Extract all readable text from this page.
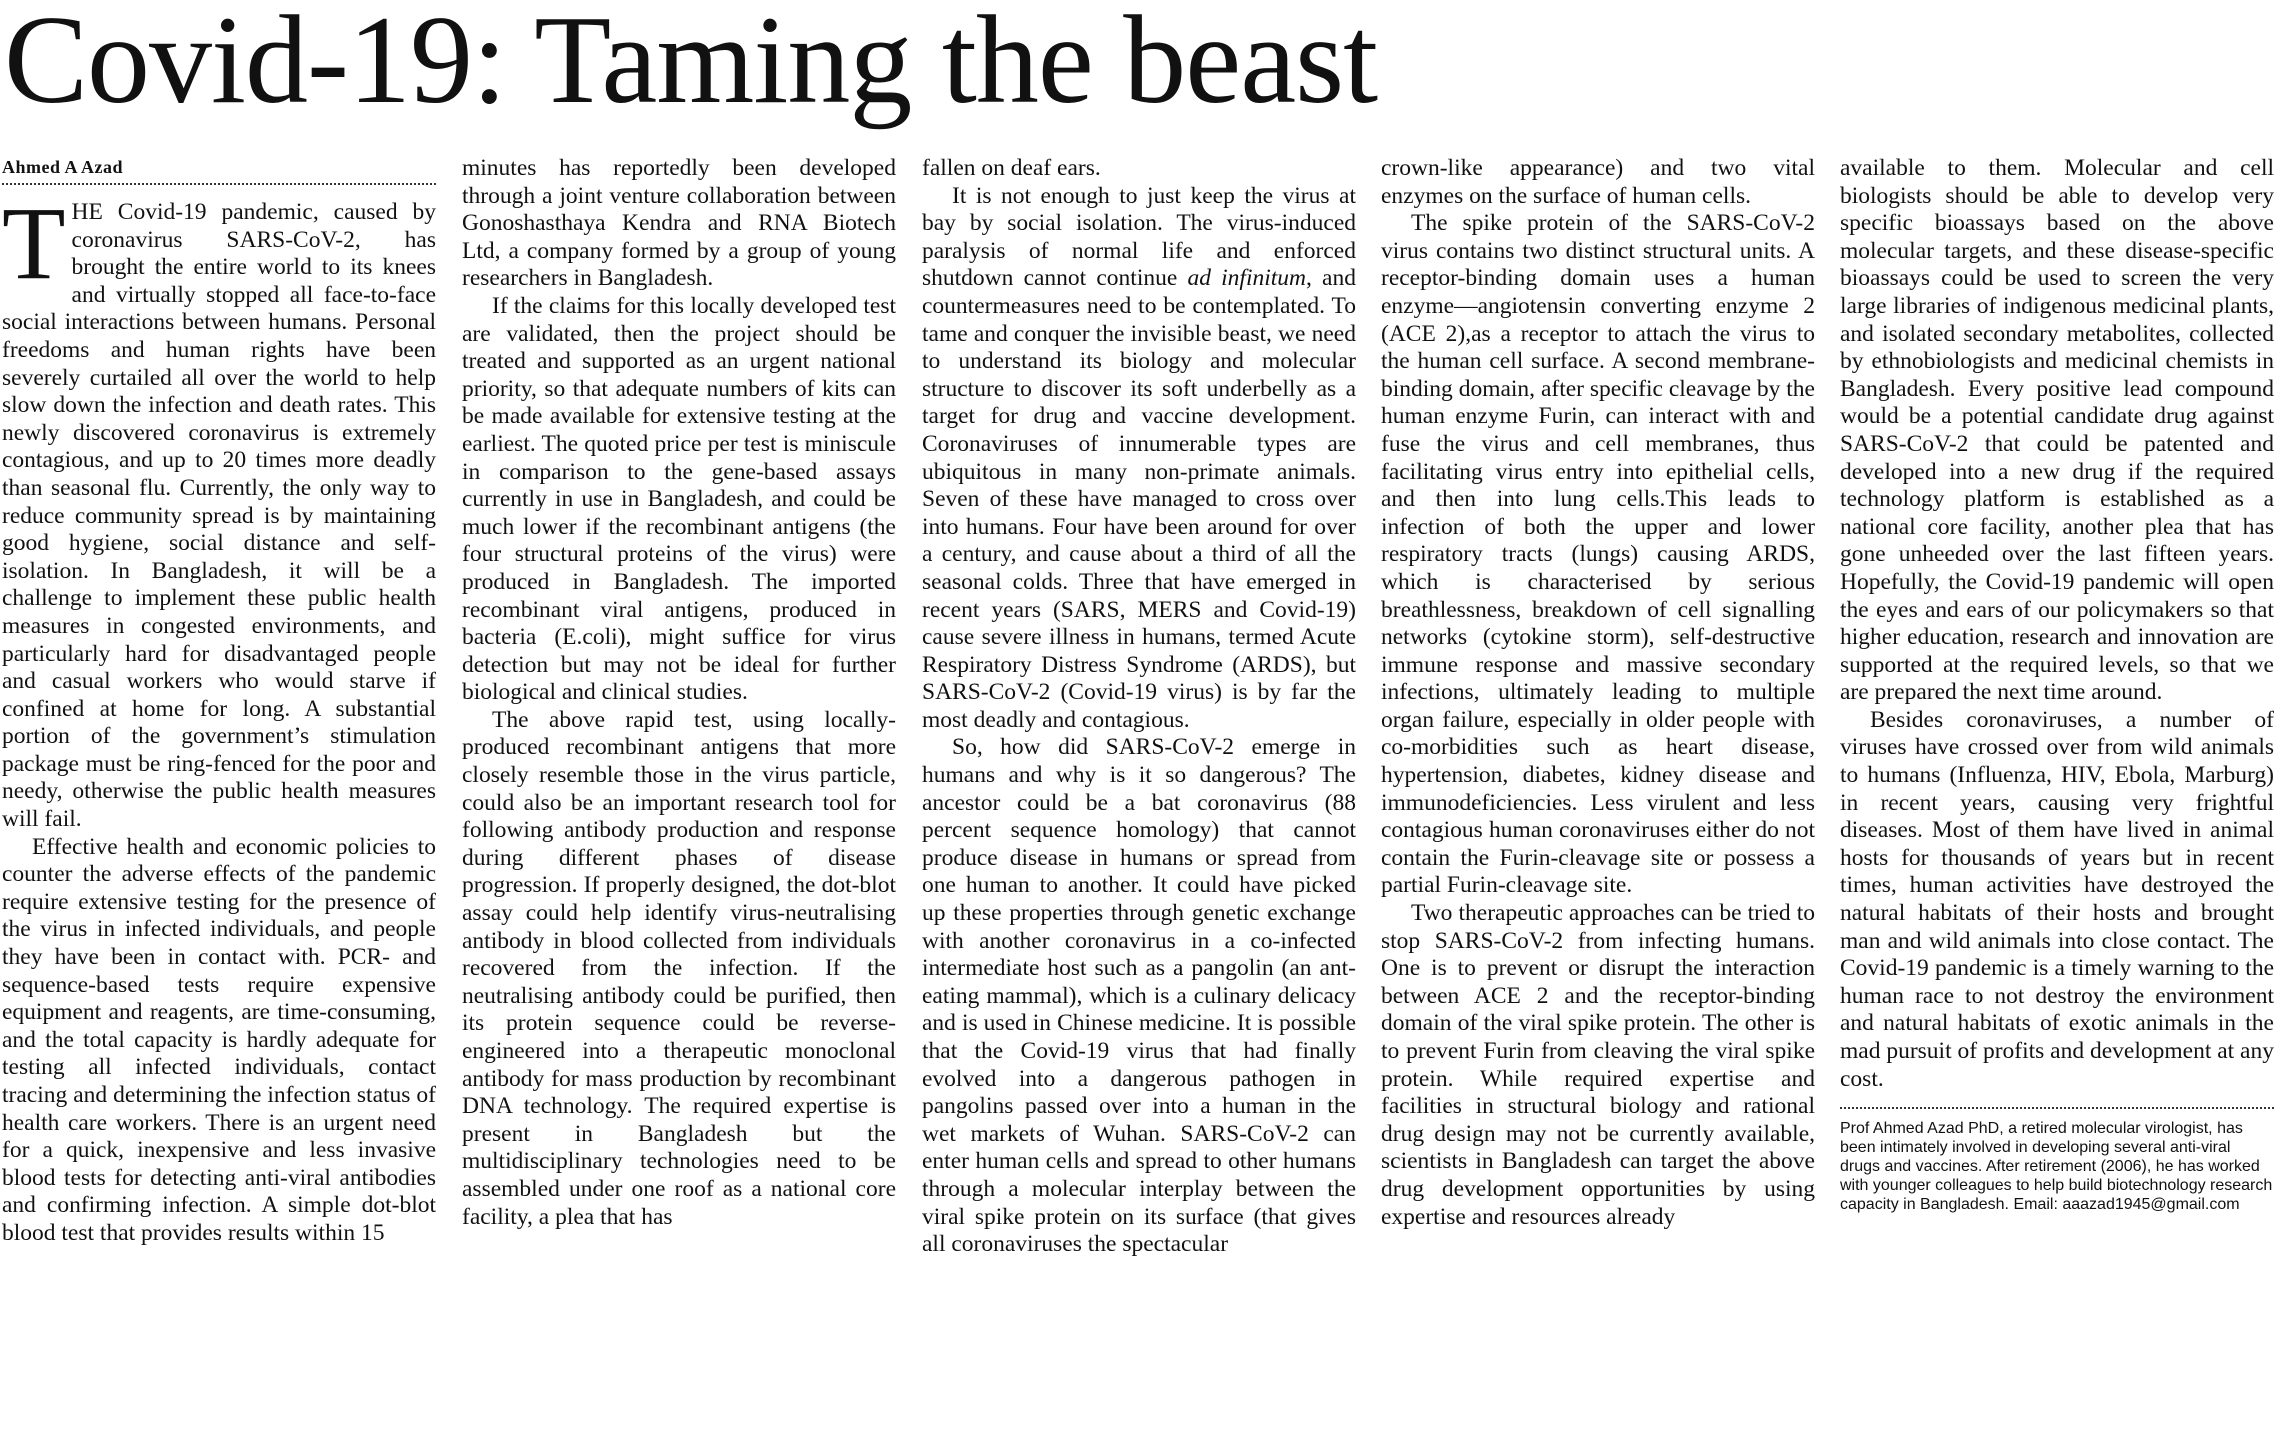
Covid-19: Taming the beast
Ahmed A Azad
T HE Covid-19 pandemic, caused by coronavirus SARS-CoV-2, has brought the entire world to its knees and virtually stopped all face-to-face social interactions between humans. Personal freedoms and human rights have been severely curtailed all over the world to help slow down the infection and death rates. This newly discovered coronavirus is extremely contagious, and up to 20 times more deadly than seasonal flu. Currently, the only way to reduce community spread is by maintaining good hygiene, social distance and self-isolation. In Bangladesh, it will be a challenge to implement these public health measures in congested environments, and particularly hard for disadvantaged people and casual workers who would starve if confined at home for long. A substantial portion of the government’s stimulation package must be ring-fenced for the poor and needy, otherwise the public health measures will fail.

Effective health and economic policies to counter the adverse effects of the pandemic require extensive testing for the presence of the virus in infected individuals, and people they have been in contact with. PCR- and sequence-based tests require expensive equipment and reagents, are time-consuming, and the total capacity is hardly adequate for testing all infected individuals, contact tracing and determining the infection status of health care workers. There is an urgent need for a quick, inexpensive and less invasive blood tests for detecting anti-viral antibodies and confirming infection. A simple dot-blot blood test that provides results within 15

minutes has reportedly been developed through a joint venture collaboration between Gonoshasthaya Kendra and RNA Biotech Ltd, a company formed by a group of young researchers in Bangladesh.

If the claims for this locally developed test are validated, then the project should be treated and supported as an urgent national priority, so that adequate numbers of kits can be made available for extensive testing at the earliest. The quoted price per test is miniscule in comparison to the gene-based assays currently in use in Bangladesh, and could be much lower if the recombinant antigens (the four structural proteins of the virus) were produced in Bangladesh. The imported recombinant viral antigens, produced in bacteria (E.coli), might suffice for virus detection but may not be ideal for further biological and clinical studies.

The above rapid test, using locally-produced recombinant antigens that more closely resemble those in the virus particle, could also be an important research tool for following antibody production and response during different phases of disease progression. If properly designed, the dot-blot assay could help identify virus-neutralising antibody in blood collected from individuals recovered from the infection. If the neutralising antibody could be purified, then its protein sequence could be reverse-engineered into a therapeutic monoclonal antibody for mass production by recombinant DNA technology. The required expertise is present in Bangladesh but the multidisciplinary technologies need to be assembled under one roof as a national core facility, a plea that has

fallen on deaf ears.

It is not enough to just keep the virus at bay by social isolation. The virus-induced paralysis of normal life and enforced shutdown cannot continue ad infinitum, and countermeasures need to be contemplated. To tame and conquer the invisible beast, we need to understand its biology and molecular structure to discover its soft underbelly as a target for drug and vaccine development. Coronaviruses of innumerable types are ubiquitous in many non-primate animals. Seven of these have managed to cross over into humans. Four have been around for over a century, and cause about a third of all the seasonal colds. Three that have emerged in recent years (SARS, MERS and Covid-19) cause severe illness in humans, termed Acute Respiratory Distress Syndrome (ARDS), but SARS-CoV-2 (Covid-19 virus) is by far the most deadly and contagious.

So, how did SARS-CoV-2 emerge in humans and why is it so dangerous? The ancestor could be a bat coronavirus (88 percent sequence homology) that cannot produce disease in humans or spread from one human to another. It could have picked up these properties through genetic exchange with another coronavirus in a co-infected intermediate host such as a pangolin (an ant-eating mammal), which is a culinary delicacy and is used in Chinese medicine. It is possible that the Covid-19 virus that had finally evolved into a dangerous pathogen in pangolins passed over into a human in the wet markets of Wuhan. SARS-CoV-2 can enter human cells and spread to other humans through a molecular interplay between the viral spike protein on its surface (that gives all coronaviruses the spectacular

crown-like appearance) and two vital enzymes on the surface of human cells.

The spike protein of the SARS-CoV-2 virus contains two distinct structural units. A receptor-binding domain uses a human enzyme—angiotensin converting enzyme 2 (ACE 2),as a receptor to attach the virus to the human cell surface. A second membrane-binding domain, after specific cleavage by the human enzyme Furin, can interact with and fuse the virus and cell membranes, thus facilitating virus entry into epithelial cells, and then into lung cells.This leads to infection of both the upper and lower respiratory tracts (lungs) causing ARDS, which is characterised by serious breathlessness, breakdown of cell signalling networks (cytokine storm), self-destructive immune response and massive secondary infections, ultimately leading to multiple organ failure, especially in older people with co-morbidities such as heart disease, hypertension, diabetes, kidney disease and immunodeficiencies. Less virulent and less contagious human coronaviruses either do not contain the Furin-cleavage site or possess a partial Furin-cleavage site.

Two therapeutic approaches can be tried to stop SARS-CoV-2 from infecting humans. One is to prevent or disrupt the interaction between ACE 2 and the receptor-binding domain of the viral spike protein. The other is to prevent Furin from cleaving the viral spike protein. While required expertise and facilities in structural biology and rational drug design may not be currently available, scientists in Bangladesh can target the above drug development opportunities by using expertise and resources already

available to them. Molecular and cell biologists should be able to develop very specific bioassays based on the above molecular targets, and these disease-specific bioassays could be used to screen the very large libraries of indigenous medicinal plants, and isolated secondary metabolites, collected by ethnobiologists and medicinal chemists in Bangladesh. Every positive lead compound would be a potential candidate drug against SARS-CoV-2 that could be patented and developed into a new drug if the required technology platform is established as a national core facility, another plea that has gone unheeded over the last fifteen years. Hopefully, the Covid-19 pandemic will open the eyes and ears of our policymakers so that higher education, research and innovation are supported at the required levels, so that we are prepared the next time around.

Besides coronaviruses, a number of viruses have crossed over from wild animals to humans (Influenza, HIV, Ebola, Marburg) in recent years, causing very frightful diseases. Most of them have lived in animal hosts for thousands of years but in recent times, human activities have destroyed the natural habitats of their hosts and brought man and wild animals into close contact. The Covid-19 pandemic is a timely warning to the human race to not destroy the environment and natural habitats of exotic animals in the mad pursuit of profits and development at any cost.

Prof Ahmed Azad PhD, a retired molecular virologist, has been intimately involved in developing several anti-viral drugs and vaccines. After retirement (2006), he has worked with younger colleagues to help build biotechnology research capacity in Bangladesh. Email: aaazad1945@gmail.com
